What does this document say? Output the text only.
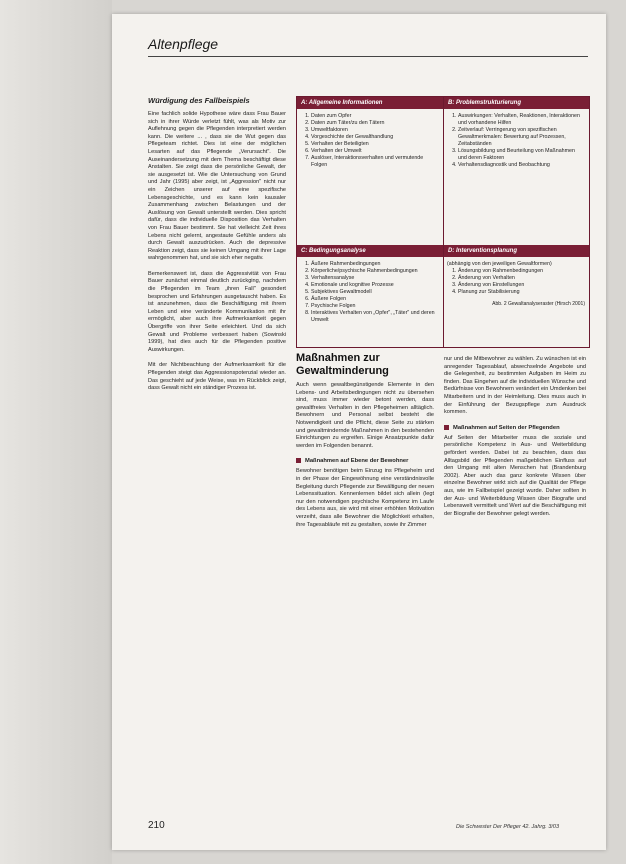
Altenpflege
Würdigung des Fallbeispiels

Eine fachlich solide Hypothese wäre dass Frau Bauer sich in ihrer Würde verletzt fühlt, was als Motiv zur Auflehnung gegen die Pflegenden interpretiert werden kann. Die weitere ... , dass sie die Wut gegen das Pflegeteam richtet. Dies ist eine der möglichen Lesarten auf das Pflegende „Verursacht". Die Auseinandersetzung mit dem Thema beschäftigt diese Anstalten. Sie zeigt dass die persönliche Gewalt, der sie ausgesetzt ist. Wie die Untersuchung von Grund und Jahr (1995) aber zeigt, ist „Aggression" nicht nur ein Zeichen unserer auf eine spezifische Lebensgeschichte, und es kann kein kausaler Zusammenhang zwischen Belastungen und der Auslösung von Gewalt unterstellt werden. Dies spricht dafür, dass die individuelle Disposition das Verhalten von Frau Bauer bestimmt. Sie hat vielleicht Zeit ihres Lebens nicht gelernt, angestaute Gefühle anders als durch Gewalt auszudrücken. Auch die depressive Reaktion zeigt, dass sie keinen Umgang mit ihrer Lage wahrgenommen hat, und sie sich eher negativ.

Bemerkenswert ist, dass die Aggressivität von Frau Bauer zunächst einmal deutlich zurückging, nachdem die Pflegenden im Team „ihren Fall" gesondert besprochen und Erfahrungen ausgetauscht haben. Es ist anzunehmen, dass die Beschäftigung mit ihrem Leben und eine veränderte Kommunikation mit ihr ermöglicht, aber auch ihre Aufmerksamkeit gegen Übergriffe von ihrer Seite erleichtert. Und da sich Gewalt und Probleme verbessert haben (Sowinski 1999), hat dies auch für die Pflegenden positive Auswirkungen.

Mit der Nichtbeachtung der Aufmerksamkeit für die Pflegenden steigt das Aggressionspotenzial wieder an. Das geschieht auf jede Weise, was im Rückblick zeigt, dass Gewalt nicht ein ständiger Prozess ist.

A: Allgemeine Informationen	B: Problemstrukturierung
1. Daten zum Opfer
2. Daten zum Täter/zu den Tätern
3. Umweltfaktoren
4. Vorgeschichte der Gewalthandlung
5. Verhalten der Beteiligten
6. Verhalten der Umwelt
7. Auslöser, Interaktionsverhalten und vermutende Folgen
1. Auswirkungen: Verhalten, Reaktionen, Interaktionen und vorhandene Hilfen
2. Zeitverlauf: Verringerung von spezifischen Gewaltmerkmalen: Bewertung auf Prozessen, Zeitabständen
3. Lösungsbildung und Beurteilung von Maßnahmen und deren Faktoren
4. Verhaltensdiagnostik und Beobachtung
C: Bedingungsanalyse	D: Interventionsplanung
1. Äußere Rahmenbedingungen
2. Körperliche/psychische Rahmenbedingungen
3. Verhaltensanalyse
4. Emotionale und kognitive Prozesse
5. Subjektives Gewaltmodell
6. Äußere Folgen
7. Psychische Folgen
8. Interaktives Verhalten von „Opfer", „Täter" und deren Umwelt
(abhängig von den jeweiligen Gewaltformen)
1. Änderung von Rahmenbedingungen
2. Änderung von Verhalten
3. Änderung von Einstellungen
4. Planung zur Stabilisierung
Abb. 2 Gewaltanalyseraster (Hirsch 2001)
Maßnahmen zur Gewaltminderung

Auch wenn gewaltbegünstigende Elemente in den Lebens- und Arbeitsbedingungen nicht zu übersehen sind, muss immer wieder betont werden, dass gewaltfreies Verhalten in den Pflegeheimen alltäglich. Bewohnern und Personal selbst besteht die Notwendigkeit und die Pflicht, diese Seite zu stärken und gewaltmindernde Maßnahmen in den bestehenden Einrichtungen zu ergreifen. Einige Ansatzpunkte dafür werden im Folgenden benannt.

Maßnahmen auf Ebene der Bewohner

Bewohner benötigen beim Einzug ins Pflegeheim und in der Phase der Eingewöhnung eine verständnisvolle Begleitung durch Pflegende zur Bewältigung der neuen Lebenssituation. Kennenlernen bildet sich allein (legt nur den notwendigen psychische Kompetenz im Laufe des Lebens aus, sie wird mit einer erhöhten Motivation verzeiht, dass alle Bewohner die Möglichkeit erhalten, ihre Tagesabläufe mit zu gestalten, sowie ihr Zimmer

nur und die Mitbewohner zu wählen. Zu wünschen ist ein anregender Tagesablauf, abwechselnde Angebote und die Gelegenheit, zu bestimmten Aufgaben im Heim zu finden. Das Eingehen auf die individuellen Wünsche und Bedürfnisse von Bewohnern verändert ein Umdenken bei Mitarbeitern und in der Heimleitung. Dies muss auch in der Einführung der Bezugspflege zum Ausdruck kommen.

Maßnahmen auf Seiten der Pflegenden

Auf Seiten der Mitarbeiter muss die soziale und persönliche Kompetenz in Aus- und Weiterbildung gefördert werden. Dabei ist zu beachten, dass das Alltagsbild der Pflegenden maßgeblichen Einfluss auf den Umgang mit alten Menschen hat (Brandenburg 2002). Aber auch das ganz konkrete Wissen über einzelne Bewohner wirkt sich auf die Qualität der Pflege aus, wie im Fallbeispiel gezeigt wurde. Daher sollten in der Aus- und Weiterbildung Wissen über Biografie und Lebenswelt vermittelt und Wert auf die Beschäftigung mit der Biografie der Bewohner gelegt werden.

210	Die Schwester Der Pfleger 42. Jahrg. 3/03
